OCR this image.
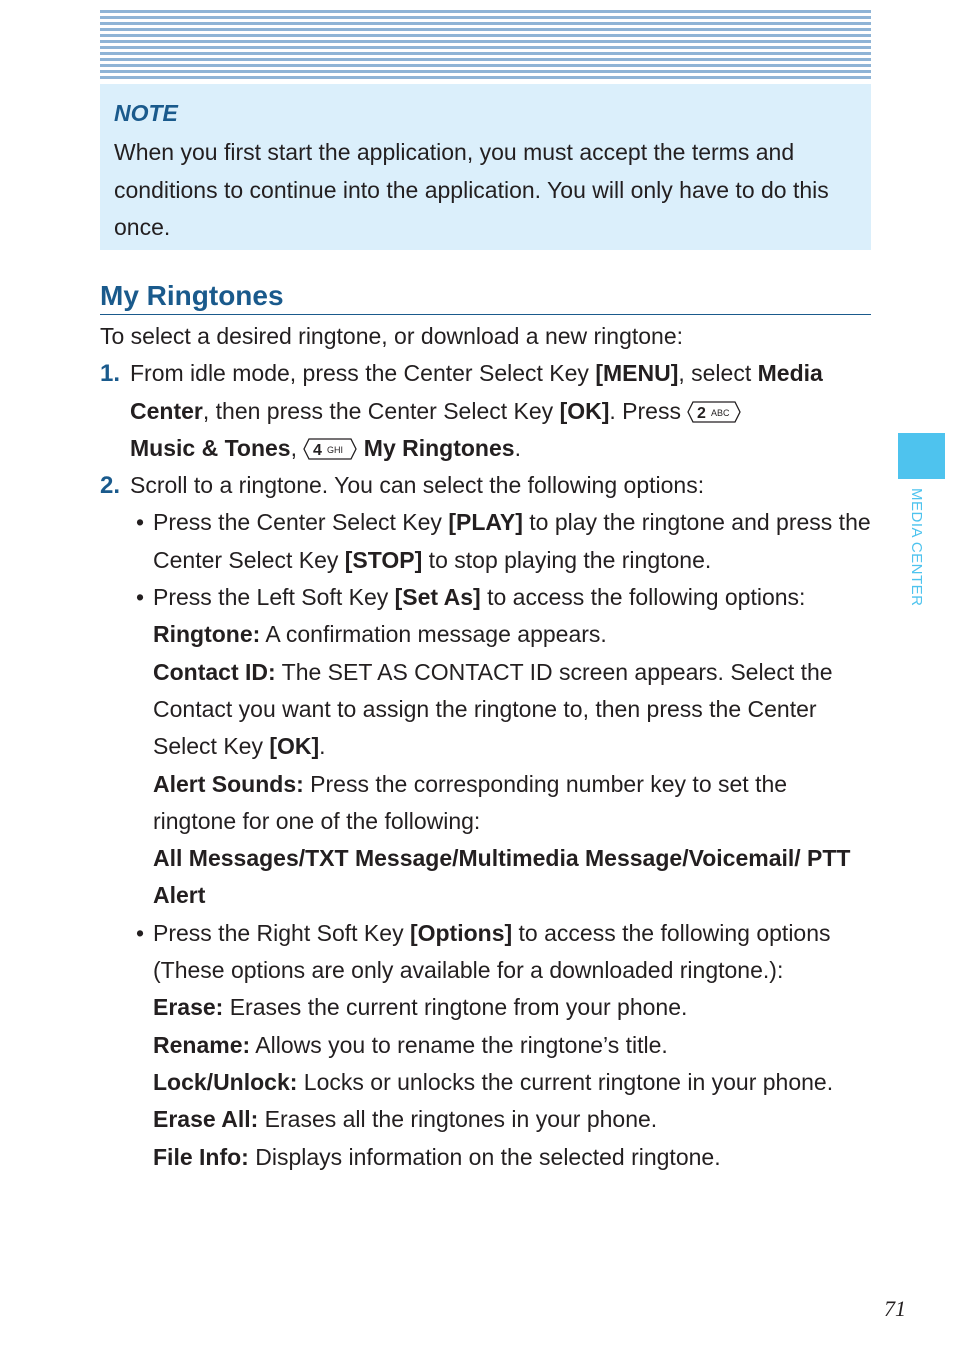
NOTE
When you first start the application, you must accept the terms and conditions to continue into the application. You will only have to do this once.
My Ringtones

To select a desired ringtone, or download a new ringtone:

1. From idle mode, press the Center Select Key [MENU], select Media Center, then press the Center Select Key [OK]. Press 2 ABC

Music & Tones, 4 GHI My Ringtones.

2. Scroll to a ringtone. You can select the following options:

• Press the Center Select Key [PLAY] to play the ringtone and press the Center Select Key [STOP] to stop playing the ringtone.

• Press the Left Soft Key [Set As] to access the following options:

Ringtone: A confirmation message appears.

Contact ID: The SET AS CONTACT ID screen appears. Select the Contact you want to assign the ringtone to, then press the Center Select Key [OK].

Alert Sounds: Press the corresponding number key to set the ringtone for one of the following:

All Messages/TXT Message/Multimedia Message/Voicemail/ PTT Alert

• Press the Right Soft Key [Options] to access the following options (These options are only available for a downloaded ringtone.):

Erase: Erases the current ringtone from your phone.

Rename: Allows you to rename the ringtone’s title.

Lock/Unlock: Locks or unlocks the current ringtone in your phone.

Erase All: Erases all the ringtones in your phone.

File Info: Displays information on the selected ringtone.

MEDIA CENTER
71
